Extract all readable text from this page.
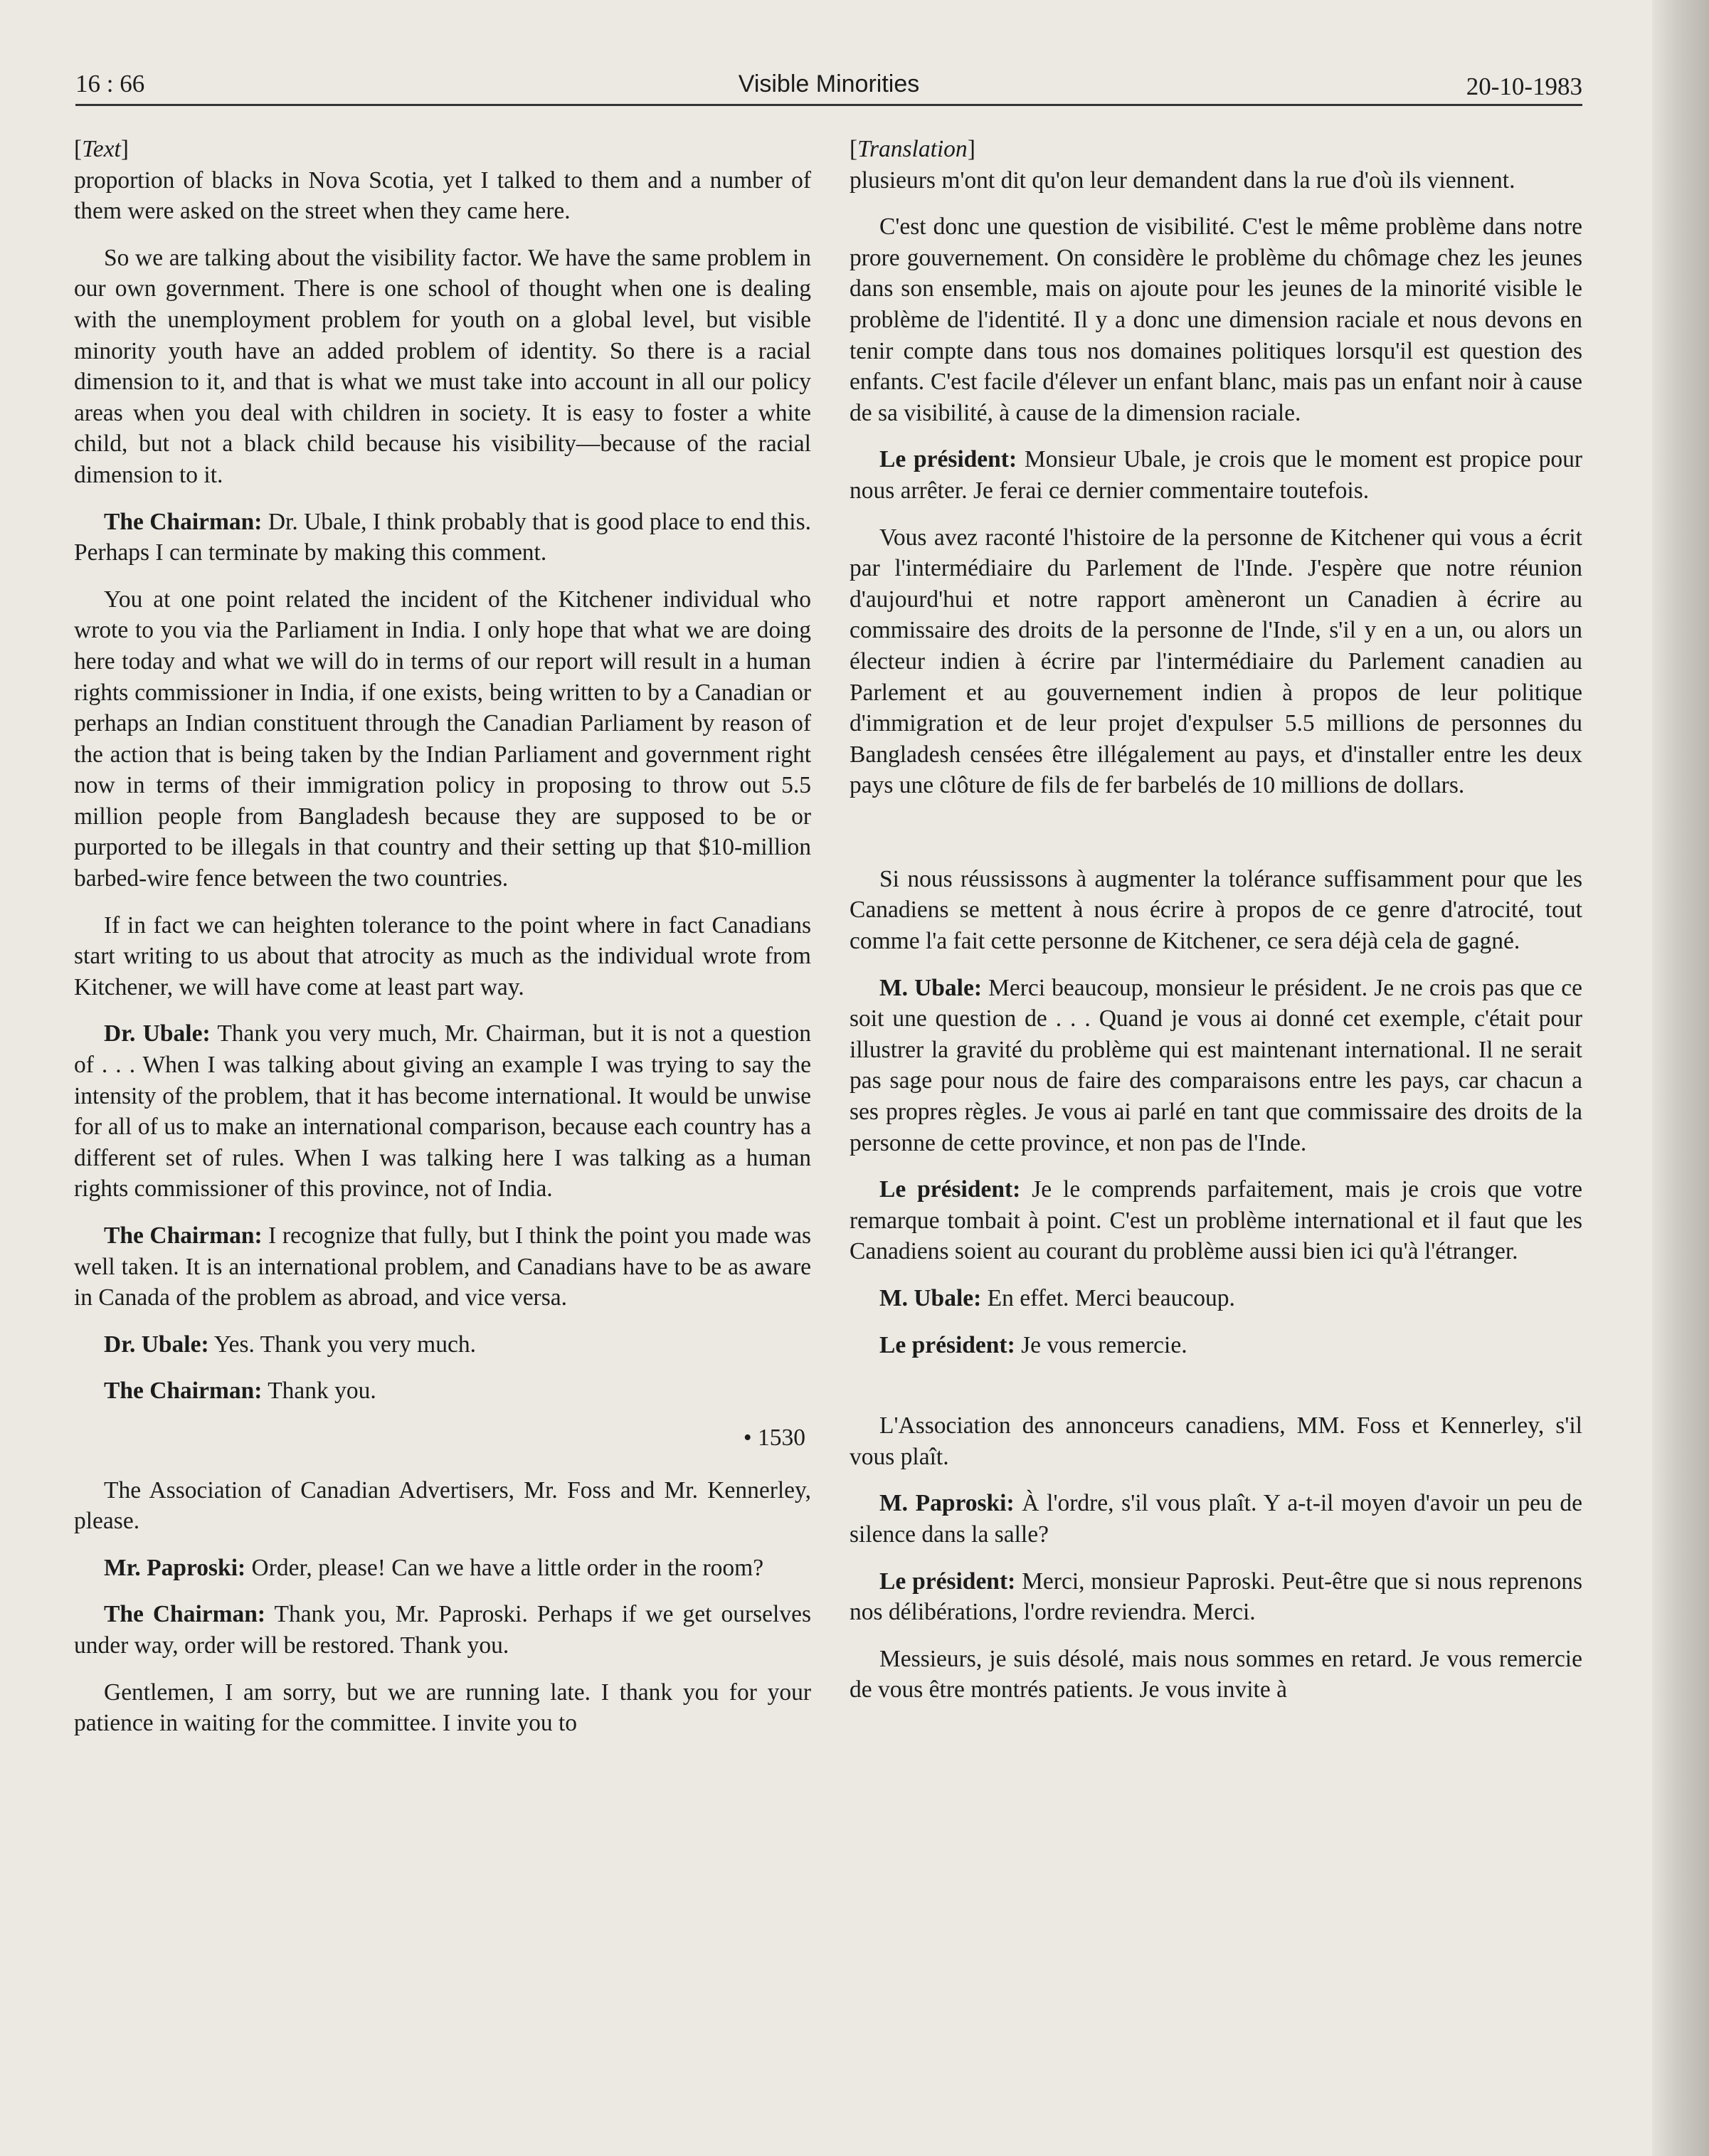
16 : 66	Visible Minorities	20-10-1983

[Text]

proportion of blacks in Nova Scotia, yet I talked to them and a number of them were asked on the street when they came here.

So we are talking about the visibility factor. We have the same problem in our own government. There is one school of thought when one is dealing with the unemployment problem for youth on a global level, but visible minority youth have an added problem of identity. So there is a racial dimension to it, and that is what we must take into account in all our policy areas when you deal with children in society. It is easy to foster a white child, but not a black child because his visibility—because of the racial dimension to it.

The Chairman: Dr. Ubale, I think probably that is good place to end this. Perhaps I can terminate by making this comment.

You at one point related the incident of the Kitchener individual who wrote to you via the Parliament in India. I only hope that what we are doing here today and what we will do in terms of our report will result in a human rights commissioner in India, if one exists, being written to by a Canadian or perhaps an Indian constituent through the Canadian Parliament by reason of the action that is being taken by the Indian Parliament and government right now in terms of their immigration policy in proposing to throw out 5.5 million people from Bangladesh because they are supposed to be or purported to be illegals in that country and their setting up that $10-million barbed-wire fence between the two countries.

If in fact we can heighten tolerance to the point where in fact Canadians start writing to us about that atrocity as much as the individual wrote from Kitchener, we will have come at least part way.

Dr. Ubale: Thank you very much, Mr. Chairman, but it is not a question of . . . When I was talking about giving an example I was trying to say the intensity of the problem, that it has become international. It would be unwise for all of us to make an international comparison, because each country has a different set of rules. When I was talking here I was talking as a human rights commissioner of this province, not of India.

The Chairman: I recognize that fully, but I think the point you made was well taken. It is an international problem, and Canadians have to be as aware in Canada of the problem as abroad, and vice versa.

Dr. Ubale: Yes. Thank you very much.

The Chairman: Thank you.

• 1530

The Association of Canadian Advertisers, Mr. Foss and Mr. Kennerley, please.

Mr. Paproski: Order, please! Can we have a little order in the room?

The Chairman: Thank you, Mr. Paproski. Perhaps if we get ourselves under way, order will be restored. Thank you.

Gentlemen, I am sorry, but we are running late. I thank you for your patience in waiting for the committee. I invite you to

[Translation]

plusieurs m'ont dit qu'on leur demandent dans la rue d'où ils viennent.

C'est donc une question de visibilité. C'est le même problème dans notre prore gouvernement. On considère le problème du chômage chez les jeunes dans son ensemble, mais on ajoute pour les jeunes de la minorité visible le problème de l'identité. Il y a donc une dimension raciale et nous devons en tenir compte dans tous nos domaines politiques lorsqu'il est question des enfants. C'est facile d'élever un enfant blanc, mais pas un enfant noir à cause de sa visibilité, à cause de la dimension raciale.

Le président: Monsieur Ubale, je crois que le moment est propice pour nous arrêter. Je ferai ce dernier commentaire toutefois.

Vous avez raconté l'histoire de la personne de Kitchener qui vous a écrit par l'intermédiaire du Parlement de l'Inde. J'espère que notre réunion d'aujourd'hui et notre rapport amèneront un Canadien à écrire au commissaire des droits de la personne de l'Inde, s'il y en a un, ou alors un électeur indien à écrire par l'intermédiaire du Parlement canadien au Parlement et au gouvernement indien à propos de leur politique d'immigration et de leur projet d'expulser 5.5 millions de personnes du Bangladesh censées être illégalement au pays, et d'installer entre les deux pays une clôture de fils de fer barbelés de 10 millions de dollars.

Si nous réussissons à augmenter la tolérance suffisamment pour que les Canadiens se mettent à nous écrire à propos de ce genre d'atrocité, tout comme l'a fait cette personne de Kitchener, ce sera déjà cela de gagné.

M. Ubale: Merci beaucoup, monsieur le président. Je ne crois pas que ce soit une question de . . . Quand je vous ai donné cet exemple, c'était pour illustrer la gravité du problème qui est maintenant international. Il ne serait pas sage pour nous de faire des comparaisons entre les pays, car chacun a ses propres règles. Je vous ai parlé en tant que commissaire des droits de la personne de cette province, et non pas de l'Inde.

Le président: Je le comprends parfaitement, mais je crois que votre remarque tombait à point. C'est un problème international et il faut que les Canadiens soient au courant du problème aussi bien ici qu'à l'étranger.

M. Ubale: En effet. Merci beaucoup.

Le président: Je vous remercie.

L'Association des annonceurs canadiens, MM. Foss et Kennerley, s'il vous plaît.

M. Paproski: À l'ordre, s'il vous plaît. Y a-t-il moyen d'avoir un peu de silence dans la salle?

Le président: Merci, monsieur Paproski. Peut-être que si nous reprenons nos délibérations, l'ordre reviendra. Merci.

Messieurs, je suis désolé, mais nous sommes en retard. Je vous remercie de vous être montrés patients. Je vous invite à
